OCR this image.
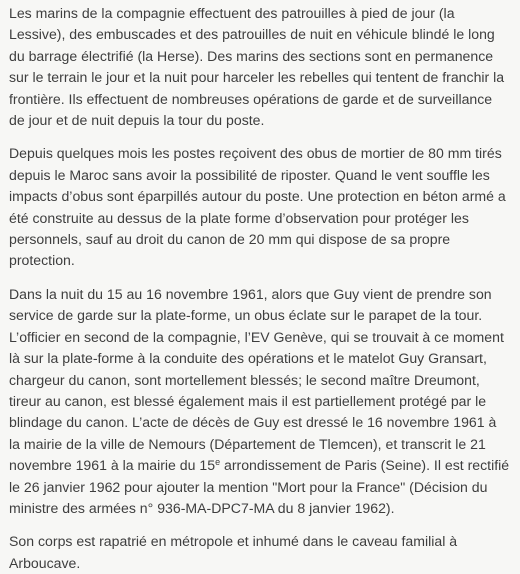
Les marins de la compagnie effectuent des patrouilles à pied de jour (la Lessive), des embuscades et des patrouilles de nuit en véhicule blindé le long du barrage électrifié (la Herse). Des marins des sections sont en permanence sur le terrain le jour et la nuit pour harceler les rebelles qui tentent de franchir la frontière. Ils effectuent de nombreuses opérations de garde et de surveillance de jour et de nuit depuis la tour du poste.

Depuis quelques mois les postes reçoivent des obus de mortier de 80 mm tirés depuis le Maroc sans avoir la possibilité de riposter. Quand le vent souffle les impacts d’obus sont éparpillés autour du poste. Une protection en béton armé a été construite au dessus de la plate forme d’observation pour protéger les personnels, sauf au droit du canon de 20 mm qui dispose de sa propre protection.

Dans la nuit du 15 au 16 novembre 1961, alors que Guy vient de prendre son service de garde sur la plate-forme, un obus éclate sur le parapet de la tour. L’officier en second de la compagnie, l’EV Genève, qui se trouvait à ce moment là sur la plate-forme à la conduite des opérations et le matelot Guy Gransart, chargeur du canon, sont mortellement blessés; le second maître Dreumont, tireur au canon, est blessé également mais il est partiellement protégé par le blindage du canon. L’acte de décès de Guy est dressé le 16 novembre 1961 à la mairie de la ville de Nemours (Département de Tlemcen), et transcrit le 21 novembre 1961 à la mairie du 15e arrondissement de Paris (Seine). Il est rectifié le 26 janvier 1962 pour ajouter la mention "Mort pour la France" (Décision du ministre des armées n° 936-MA-DPC7-MA du 8 janvier 1962).

Son corps est rapatrié en métropole et inhumé dans le caveau familial à Arboucave.
